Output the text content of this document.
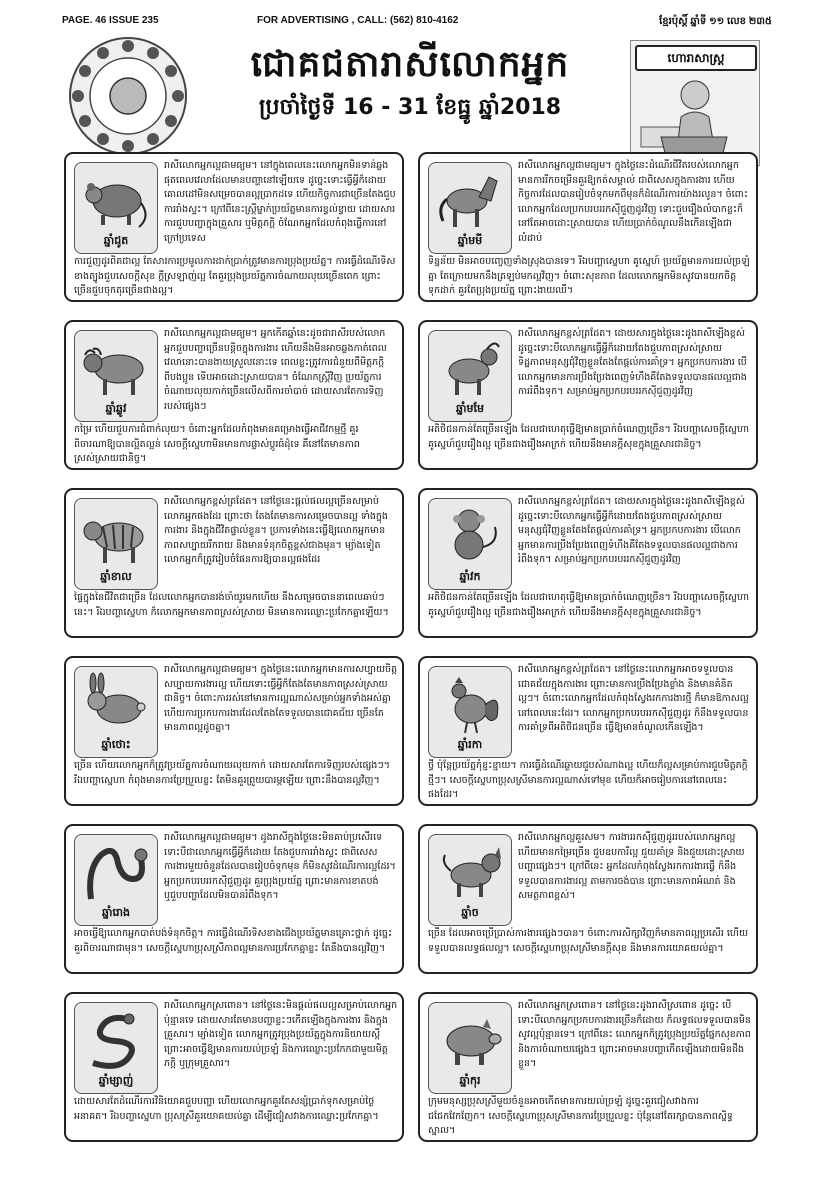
PAGE. 46 ISSUE 235	FOR ADVERTISING , CALL: (562) 810-4162	ខ្មែរប៉ុស្តិ៍ ឆ្នាំទី ១១ លេខ ២៣៥
ជោគជតារាសីលោកអ្នក
ប្រចាំថ្ងៃទី 16 - 31 ខែធ្នូ ឆ្នាំ2018
ហោរាសាស្ត្រ
ឆ្នាំជូត
រាសីលោកអ្នកល្អជាមធ្យម។ នៅក្នុងពេលនេះលោកអ្នកមិនទាន់ឆ្លងផុតពេលវេលាដែលមានបញ្ហានៅឡើយទេ ដូច្នេះទោះធ្វើអ្វីក៏ដោយ គោលដៅមិនសម្រេចបានល្អប្រាកដទេ ហើយកិច្ចការជាច្រើនតែងជួបការរាំងស្ទះ។ ក្រៅពីនេះស្ត្រីម្នាក់ប្រយ័ត្នមានការខ្វល់ខ្វាយ ដោយសារការជួបបញ្ហាក្នុងគ្រួសារ ឬមិត្តភក្តិ ចំណែកអ្នកដែលកំពុងធ្វើការនៅក្រៅប្រទេស
ការជួញដូរពិតជាល្អ តែសារការប្រមូលការដាក់ប្រាក់ត្រូវមានការប្រុងប្រយ័ត្ន។ ការធ្វើដំណើរទិសខាងត្បូងជួបសេចក្តីសុខ ក្តីស្រឡាញ់ល្អ តែគួរប្រុងប្រយ័ត្នការចំណាយលុយច្រើនពេក ព្រោះច្រើនជួបចុកតុរច្រើនជាងល្អ។
ឆ្នាំមមី
រាសីលោកអ្នកល្អជាមធ្យម។ ក្នុងថ្ងៃនេះដំណើរជីវិតរបស់លោកអ្នកមានការរីកចម្រើនគួរឱ្យកត់សម្គាល់ ជាពិសេសក្នុងការងារ ហើយកិច្ចការដែលបានរៀបចំទុកមកពីមុនក៏ដំណើរការយ៉ាងរលូន។ ចំពោះលោកអ្នកដែលប្រកបរបររកស៊ីជួញដូរវិញ ទោះជួបរឿងលំបាកខ្លះក៏នៅតែអាចដោះស្រាយបាន ហើយប្រាក់ចំណូលនឹងកើនឡើងជាលំដាប់
ទិន្នន័យ មិនអាចបញ្ចេញទាំងស្រុងបានទេ។ រីឯបញ្ហាស្នេហា គូស្នេហ៍ ប្រយ័ត្នមានការយល់ច្រឡំគ្នា តែក្រោយមកនឹងត្រឡប់មកល្អវិញ។ ចំពោះសុខភាព ដែលលោកអ្នកមិនសូវបានយកចិត្តទុកដាក់ គួរតែប្រុងប្រយ័ត្ន ព្រោះងាយឈឺ។
ឆ្នាំឆ្លូវ
រាសីលោកអ្នកល្អជាមធ្យម។ អ្នកកើតឆ្នាំនេះដូចជារាសីរបស់លោកអ្នកជួបបញ្ហាច្រើនបន្តិចក្នុងការងារ ហើយនឹងមិនអាចឆ្លងកាត់ពេលវេលានោះបានងាយស្រួលនោះទេ ពេលខ្លះត្រូវការជំនួយពីមិត្តភក្តិ ពីបងប្អូន ទើបអាចដោះស្រាយបាន។ ចំណែកស្រ្តីវិញ ប្រយ័ត្នការចំណាយលុយកាក់ច្រើនលើសពីការចាំបាច់ ដោយសារតែការទិញរបស់ផ្សេងៗ
កម្រៃ ហើយជួបការជំពាក់លុយ។ ចំពោះអ្នកដែលកំពុងមានគម្រោងធ្វើអាជីវកម្មថ្មី គួរពិចារណាឱ្យបានល្អិតល្អន់ សេចក្តីស្នេហាមិនមានការផ្លាស់ប្តូរធំដុំទេ គឺនៅតែមានភាពស្រស់ស្រាយជានិច្ច។
ឆ្នាំមមែ
រាសីលោកអ្នកខ្ពស់ត្រដែត។ ដោយសារក្នុងថ្ងៃនេះដូងរាសីឡើងខ្ពស់ ដូច្នេះទោះបីលោកអ្នកធ្វើអ្វីក៏ដោយតែងជួបភាពស្រស់ស្រាយ ទិដ្ឋភាពមនុស្សជុំវិញខ្លួនតែងតែផ្តល់ការគាំទ្រ។ អ្នកប្រកបការងារ បើលោកអ្នកមានការប្រឹងប្រែងពេញទំហឹងគឺតែងទទួលបានផលល្អជាងការរំពឹងទុក។ សម្រាប់អ្នកប្រកបរបររកស៊ីជួញដូរវិញ
អតិថិជនកាន់តែច្រើនឡើង ដែលជាហេតុធ្វើឱ្យមានប្រាក់ចំណេញច្រើន។ រីឯបញ្ហាសេចក្តីស្នេហា គូស្នេហ៍ជួបរឿងល្អ ច្រើនជាងរឿងអាក្រក់ ហើយនឹងមានក្តីសុខក្នុងគ្រួសារជានិច្ច។
ឆ្នាំខាល
រាសីលោកអ្នកខ្ពស់ត្រដែត។ នៅថ្ងៃនេះផ្តល់ផលល្អច្រើនសម្រាប់លោកអ្នកផងដែរ ព្រោះថា តែងតែមានការសម្រេចបានល្អ ទាំងក្នុងការងារ និងក្នុងជីវិតផ្ទាល់ខ្លួន។ ប្រការទាំងនេះធ្វើឱ្យលោកអ្នកមានភាពសប្បាយរីករាយ និងមានទំនុកចិត្តខ្ពស់ជាងមុន។ ម្យ៉ាងទៀត លោកអ្នកក៏ត្រូវរៀបចំផែនការឱ្យបានល្អផងដែរ
ផ្ទៃក្នុងនៃជីវិតជាច្រើន ដែលលោកអ្នកបានរង់ចាំយូរមកហើយ នឹងសម្រេចបាននាពេលឆាប់ៗនេះ។ រីឯបញ្ហាស្នេហា ក៏លោកអ្នកមានភាពស្រស់ស្រាយ មិនមានការឈ្លោះប្រកែកគ្នាឡើយ។
ឆ្នាំវក
រាសីលោកអ្នកខ្ពស់ត្រដែត។ ដោយសារក្នុងថ្ងៃនេះដូងរាសីឡើងខ្ពស់ ដូច្នេះទោះបីលោកអ្នកធ្វើអ្វីក៏ដោយតែងជួបភាពស្រស់ស្រាយ មនុស្សជុំវិញខ្លួនតែងតែផ្តល់ការគាំទ្រ។ អ្នកប្រកបការងារ បើលោកអ្នកមានការប្រឹងប្រែងពេញទំហឹងគឺតែងទទួលបានផលល្អជាងការរំពឹងទុក។ សម្រាប់អ្នកប្រកបរបររកស៊ីជួញដូរវិញ
អតិថិជនកាន់តែច្រើនឡើង ដែលជាហេតុធ្វើឱ្យមានប្រាក់ចំណេញច្រើន។ រីឯបញ្ហាសេចក្តីស្នេហា គូស្នេហ៍ជួបរឿងល្អ ច្រើនជាងរឿងអាក្រក់ ហើយនឹងមានក្តីសុខក្នុងគ្រួសារជានិច្ច។
ឆ្នាំថោះ
រាសីលោកអ្នកល្អជាមធ្យម។ ក្នុងថ្ងៃនេះលោកអ្នកមានការសប្បាយចិត្ត សប្បាយការងារល្អ ហើយទោះធ្វើអ្វីក៏តែងតែមានភាពស្រស់ស្រាយជានិច្ច។ ចំពោះការរស់នៅមានការល្អណាស់សម្រាប់អ្នកទាំងអស់គ្នា ហើយការប្រកបការងារដែលតែងតែទទួលបានជោគជ័យ ច្រើនតែមានភាពល្អដូចគ្នា។
ច្រើន ហើយលោកអ្នកក៏ត្រូវប្រយ័ត្នការចំណាយលុយកាក់ ដោយសារតែការទិញរបស់ផ្សេងៗ។ រីឯបញ្ហាស្នេហា កំពុងមានការប្រែប្រួលខ្លះ តែមិនគួរព្រួយបារម្ភឡើយ ព្រោះនឹងបានល្អវិញ។
ឆ្នាំរកា
រាសីលោកអ្នកខ្ពស់ត្រដែត។ នៅថ្ងៃនេះលោកអ្នកអាចទទួលបានជោគជ័យក្នុងការងារ ព្រោះមានការប្រឹងប្រែងខ្លាំង និងមានគំនិតល្អៗ។ ចំពោះលោកអ្នកដែលកំពុងស្វែងរកការងារថ្មី ក៏មានឱកាសល្អនៅពេលនេះដែរ។ លោកអ្នកប្រកបរបររកស៊ីជួញដូរ ក៏នឹងទទួលបានការគាំទ្រពីអតិថិជនច្រើន ធ្វើឱ្យមានចំណូលកើនឡើង។
ថ្វី ប៉ុន្តែប្រយ័ត្នកុំខ្ជះខ្ជាយ។ ការធ្វើដំណើរឆ្ងាយជួបសំណាងល្អ ហើយក៏ល្អសម្រាប់ការជួបមិត្តភក្តិថ្មីៗ។ សេចក្តីស្នេហាប្រុសស្រីមានការល្អណាស់ទៅមុខ ហើយក៏អាចរៀបការនៅពេលនេះផងដែរ។
ឆ្នាំរោង
រាសីលោកអ្នកល្អជាមធ្យម។ ដូងរាសីក្នុងថ្ងៃនេះមិនគាប់ប្រសើរទេ ទោះបីជាលោកអ្នកធ្វើអ្វីក៏ដោយ តែងជួបការរាំងស្ទះ ជាពិសេសការងារមួយចំនួនដែលបានរៀបចំទុកមុន ក៏មិនសូវដំណើរការល្អដែរ។ អ្នកប្រកបរបររកស៊ីជួញដូរ គួរប្រុងប្រយ័ត្ន ព្រោះមានការខាតបង់ ឬជួបបញ្ហាដែលមិនបានរំពឹងទុក។
អាចធ្វើឱ្យលោកអ្នកបាត់បង់ទំនុកចិត្ត។ ការធ្វើដំណើរទិសខាងជើងប្រយ័ត្នមានគ្រោះថ្នាក់ ដូច្នេះគួរពិចារណាជាមុន។ សេចក្តីស្នេហាប្រុសស្រីភាពល្អមានការប្រកែកគ្នាខ្លះ តែនឹងបានល្អវិញ។
ឆ្នាំច
រាសីលោកអ្នកល្អគួរសម។ ការងាររកស៊ីជួញដូររបស់លោកអ្នកល្អ ហើយមានកម្រៃច្រើន ជួបឧបការីល្អ ជួយគាំទ្រ និងជួយដោះស្រាយបញ្ហាផ្សេងៗ។ ក្រៅពីនេះ អ្នកដែលកំពុងស្វែងរកការងារធ្វើ ក៏នឹងទទួលបានការងារល្អ តាមការចង់បាន ព្រោះមានភាពអំណត់ និងសមត្ថភាពខ្ពស់។
ច្រើន ដែលអាចប្រើប្រាស់ការងារផ្សេងៗបាន។ ចំពោះការសិក្សាវិញក៏មានភាពល្អប្រសើរ ហើយទទួលបានលទ្ធផលល្អ។ សេចក្តីស្នេហាប្រុសស្រីមានក្តីសុខ និងមានការយោគយល់គ្នា។
ឆ្នាំម្សាញ់
រាសីលោកអ្នកស្រពោន។ នៅថ្ងៃនេះមិនផ្តល់ផលល្អសម្រាប់លោកអ្នកប៉ុន្មានទេ ដោយសារតែមានបញ្ហាខ្លះៗកើតឡើងក្នុងការងារ និងក្នុងគ្រួសារ។ ម្យ៉ាងទៀត លោកអ្នកត្រូវប្រុងប្រយ័ត្នក្នុងការនិយាយស្តី ព្រោះអាចធ្វើឱ្យមានការយល់ច្រឡំ និងការឈ្លោះប្រកែកជាមួយមិត្តភក្តិ ឬក្រុមគ្រួសារ។
ដោយសារតែដំណើរការវិនិយោគជួបបញ្ហា ហើយលោកអ្នកគួរតែសន្សំប្រាក់ទុកសម្រាប់ថ្ងៃអនាគត។ រីឯបញ្ហាស្នេហា ប្រុសស្រីគួរយោគយល់គ្នា ដើម្បីជៀសវាងការឈ្លោះប្រកែកគ្នា។
ឆ្នាំកុរ
រាសីលោកអ្នកស្រពោន។ នៅថ្ងៃនេះដូងរាសីស្រពោន ដូច្នេះ បើទោះបីលោកអ្នកប្រកបការងារច្រើនក៏ដោយ ក៏លទ្ធផលទទួលបានមិនសូវល្អប៉ុន្មានទេ។ ក្រៅពីនេះ លោកអ្នកក៏ត្រូវប្រុងប្រយ័ត្នផ្នែកសុខភាព និងការចំណាយផ្សេងៗ ព្រោះអាចមានបញ្ហាកើតឡើងដោយមិនដឹងខ្លួន។
ក្រុមមនុស្សប្រុសស្រីមួយចំនួនអាចកើតមានការយល់ច្រឡំ ដូច្នេះគួរជៀសវាងការជជែកវែកញែក។ សេចក្តីស្នេហាប្រុសស្រីមានការប្រែប្រួលខ្លះ ប៉ុន្តែនៅតែរក្សាបានភាពស្និទ្ធស្នាល។
